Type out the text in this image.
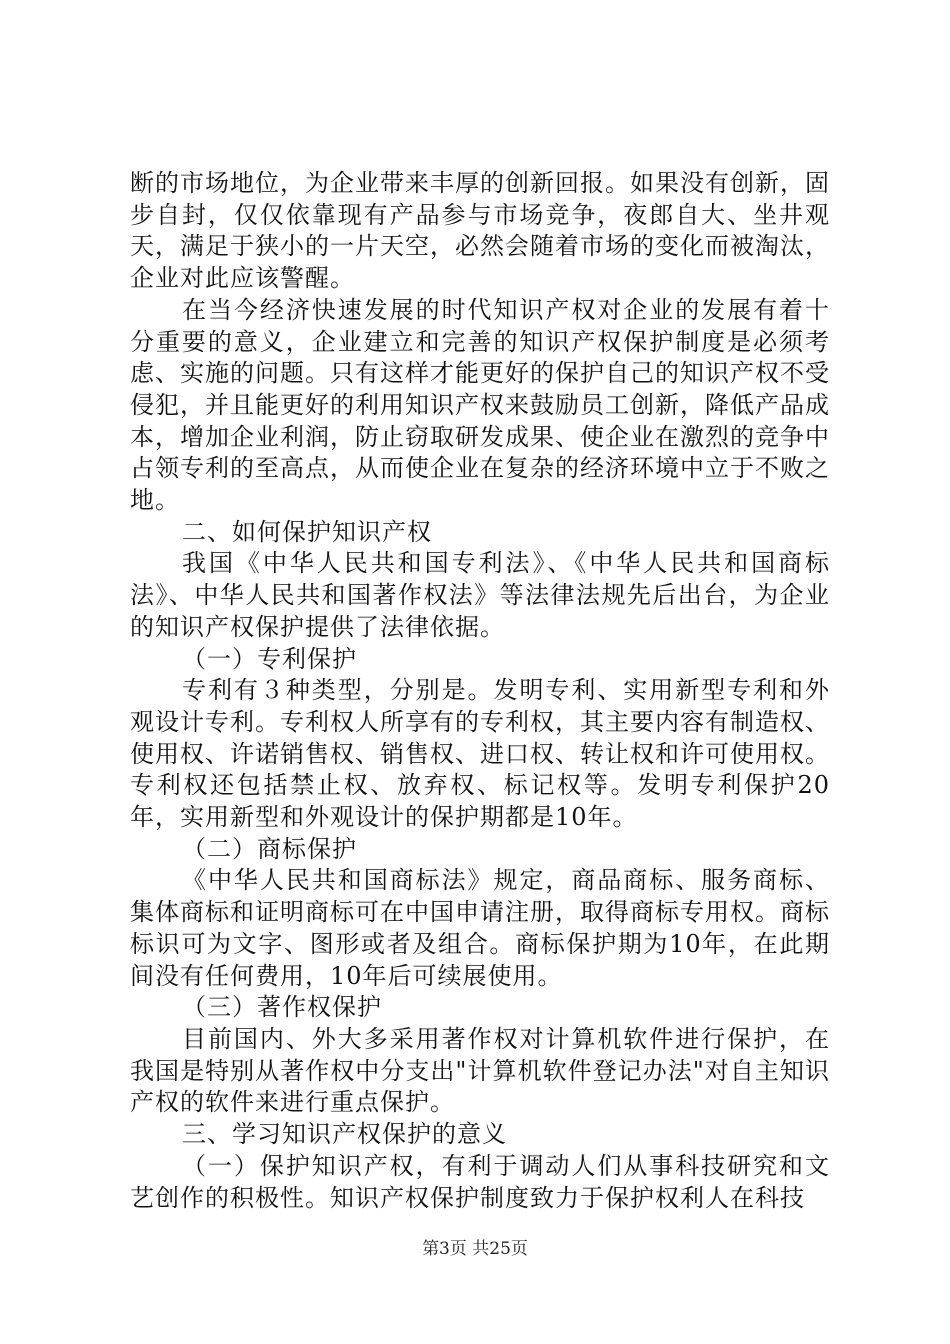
断的市场地位，为企业带来丰厚的创新回报。如果没有创新，固步自封，仅仅依靠现有产品参与市场竞争，夜郎自大、坐井观天，满足于狭小的一片天空，必然会随着市场的变化而被淘汰，企业对此应该警醒。

在当今经济快速发展的时代知识产权对企业的发展有着十分重要的意义，企业建立和完善的知识产权保护制度是必须考虑、实施的问题。只有这样才能更好的保护自己的知识产权不受侵犯，并且能更好的利用知识产权来鼓励员工创新，降低产品成本，增加企业利润，防止窃取研发成果、使企业在激烈的竞争中占领专利的至高点，从而使企业在复杂的经济环境中立于不败之地。

二、如何保护知识产权

我国《中华人民共和国专利法》、《中华人民共和国商标法》、中华人民共和国著作权法》等法律法规先后出台，为企业的知识产权保护提供了法律依据。

（一）专利保护

专利有３种类型，分别是。发明专利、实用新型专利和外观设计专利。专利权人所享有的专利权，其主要内容有制造权、使用权、许诺销售权、销售权、进口权、转让权和许可使用权。专利权还包括禁止权、放弃权、标记权等。发明专利保护20年，实用新型和外观设计的保护期都是10年。

（二）商标保护

《中华人民共和国商标法》规定，商品商标、服务商标、集体商标和证明商标可在中国申请注册，取得商标专用权。商标标识可为文字、图形或者及组合。商标保护期为10年，在此期间没有任何费用，10年后可续展使用。

（三）著作权保护

目前国内、外大多采用著作权对计算机软件进行保护，在我国是特别从著作权中分支出"计算机软件登记办法"对自主知识产权的软件来进行重点保护。

三、学习知识产权保护的意义

（一）保护知识产权，有利于调动人们从事科技研究和文艺创作的积极性。知识产权保护制度致力于保护权利人在科技

第3页 共25页
